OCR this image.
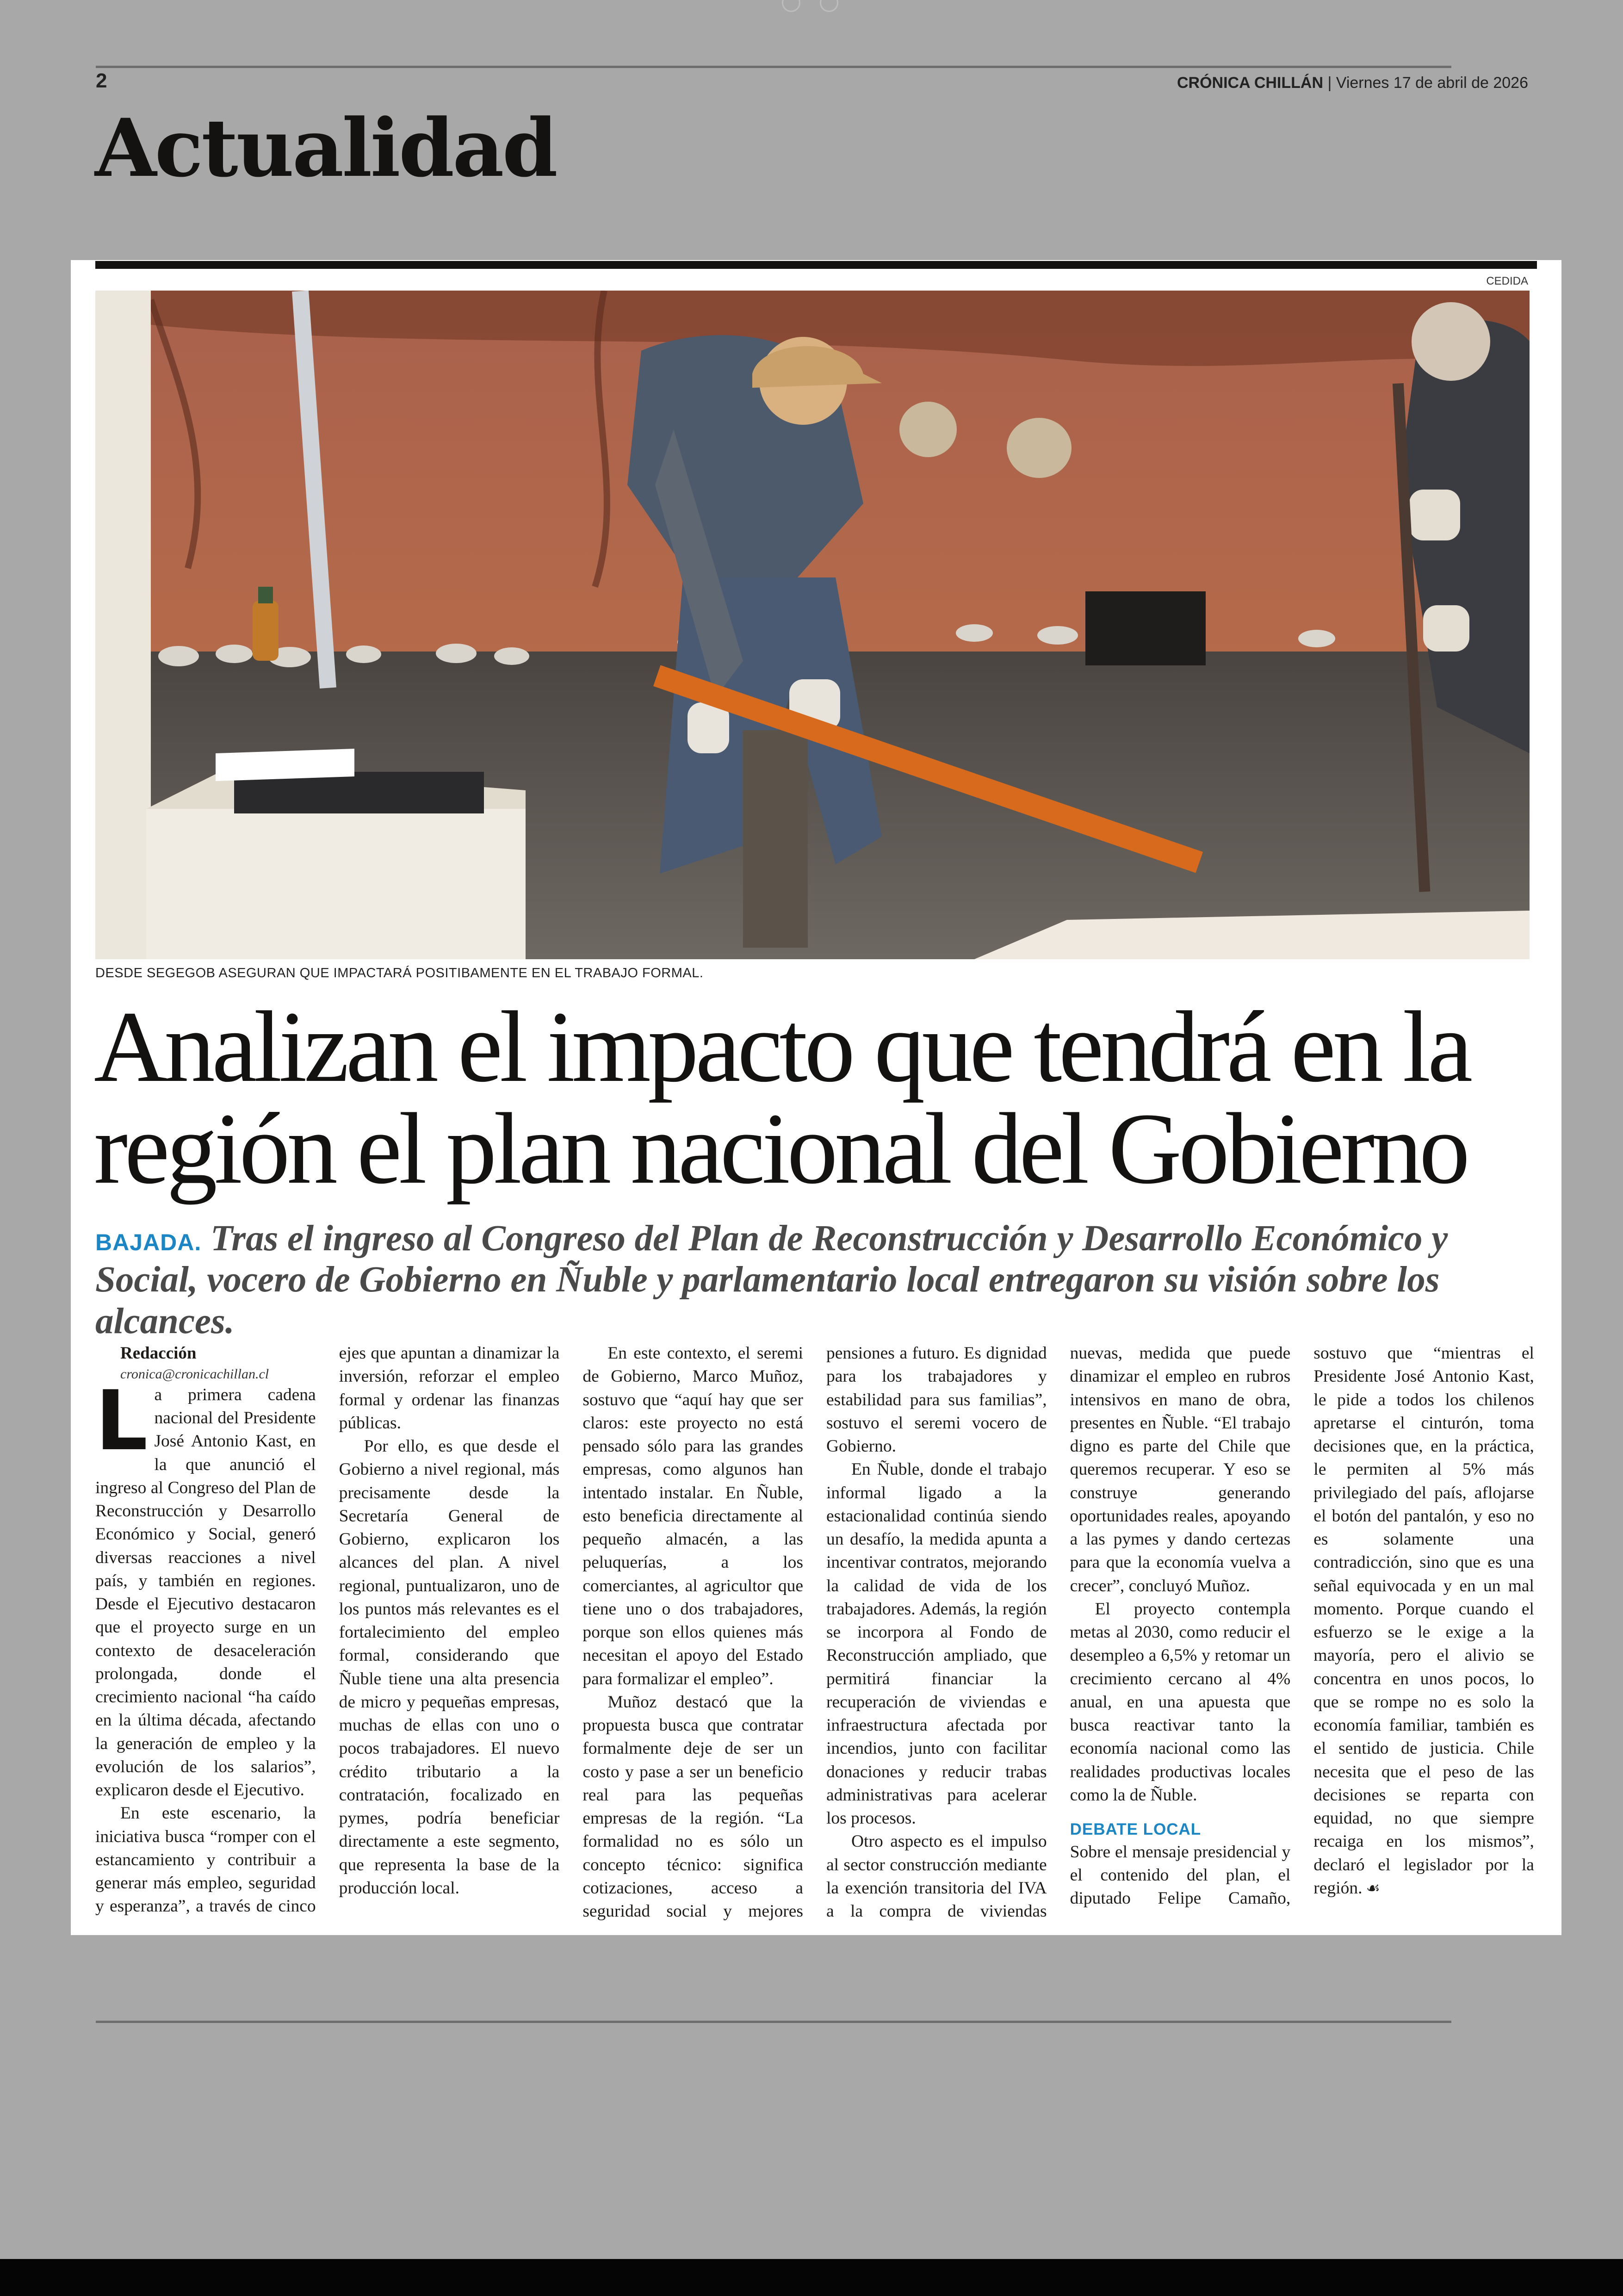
2	CRÓNICA CHILLÁN | Viernes 17 de abril de 2026
Actualidad
CEDIDA
DESDE SEGEGOB ASEGURAN QUE IMPACTARÁ POSITIBAMENTE EN EL TRABAJO FORMAL.
Analizan el impacto que tendrá en la región el plan nacional del Gobierno
BAJADA. Tras el ingreso al Congreso del Plan de Reconstrucción y Desarrollo Económico y Social, vocero de Gobierno en Ñuble y parlamentario local entregaron su visión sobre los alcances.

Redacción

cronica@cronicachillan.cl

La primera cadena nacional del Presidente José Antonio Kast, en la que anunció el ingreso al Congreso del Plan de Reconstrucción y Desarrollo Económico y Social, generó diversas reacciones a nivel país, y también en regiones. Desde el Ejecutivo destacaron que el proyecto surge en un contexto de desaceleración prolongada, donde el crecimiento nacional “ha caído en la última década, afectando la generación de empleo y la evolución de los salarios”, explicaron desde el Ejecutivo.

En este escenario, la iniciativa busca “romper con el estancamiento y contribuir a generar más empleo, seguridad y esperanza”, a través de cinco ejes que apuntan a dinamizar la inversión, reforzar el empleo formal y ordenar las finanzas públicas.

Por ello, es que desde el Gobierno a nivel regional, más precisamente desde la Secretaría General de Gobierno, explicaron los alcances del plan. A nivel regional, puntualizaron, uno de los puntos más relevantes es el fortalecimiento del empleo formal, considerando que Ñuble tiene una alta presencia de micro y pequeñas empresas, muchas de ellas con uno o pocos trabajadores. El nuevo crédito tributario a la contratación, focalizado en pymes, podría beneficiar directamente a este segmento, que representa la base de la producción local.

En este contexto, el seremi de Gobierno, Marco Muñoz, sostuvo que “aquí hay que ser claros: este proyecto no está pensado sólo para las grandes empresas, como algunos han intentado instalar. En Ñuble, esto beneficia directamente al pequeño almacén, a las peluquerías, a los comerciantes, al agricultor que tiene uno o dos trabajadores, porque son ellos quienes más necesitan el apoyo del Estado para formalizar el empleo”.

Muñoz destacó que la propuesta busca que contratar formalmente deje de ser un costo y pase a ser un beneficio real para las pequeñas empresas de la región. “La formalidad no es sólo un concepto técnico: significa cotizaciones, acceso a seguridad social y mejores pensiones a futuro. Es dignidad para los trabajadores y estabilidad para sus familias”, sostuvo el seremi vocero de Gobierno.

En Ñuble, donde el trabajo informal ligado a la estacionalidad continúa siendo un desafío, la medida apunta a incentivar contratos, mejorando la calidad de vida de los trabajadores. Además, la región se incorpora al Fondo de Reconstrucción ampliado, que permitirá financiar la recuperación de viviendas e infraestructura afectada por incendios, junto con facilitar donaciones y reducir trabas administrativas para acelerar los procesos.

Otro aspecto es el impulso al sector construcción mediante la exención transitoria del IVA a la compra de viviendas nuevas, medida que puede dinamizar el empleo en rubros intensivos en mano de obra, presentes en Ñuble. “El trabajo digno es parte del Chile que queremos recuperar. Y eso se construye generando oportunidades reales, apoyando a las pymes y dando certezas para que la economía vuelva a crecer”, concluyó Muñoz.

El proyecto contempla metas al 2030, como reducir el desempleo a 6,5% y retomar un crecimiento cercano al 4% anual, en una apuesta que busca reactivar tanto la economía nacional como las realidades productivas locales como la de Ñuble.

DEBATE LOCAL

Sobre el mensaje presidencial y el contenido del plan, el diputado Felipe Camaño, sostuvo que “mientras el Presidente José Antonio Kast, le pide a todos los chilenos apretarse el cinturón, toma decisiones que, en la práctica, le permiten al 5% más privilegiado del país, aflojarse el botón del pantalón, y eso no es solamente una contradicción, sino que es una señal equivocada y en un mal momento. Porque cuando el esfuerzo se le exige a la mayoría, pero el alivio se concentra en unos pocos, lo que se rompe no es solo la economía familiar, también es el sentido de justicia. Chile necesita que el peso de las decisiones se reparta con equidad, no que siempre recaiga en los mismos”, declaró el legislador por la región. ☙
